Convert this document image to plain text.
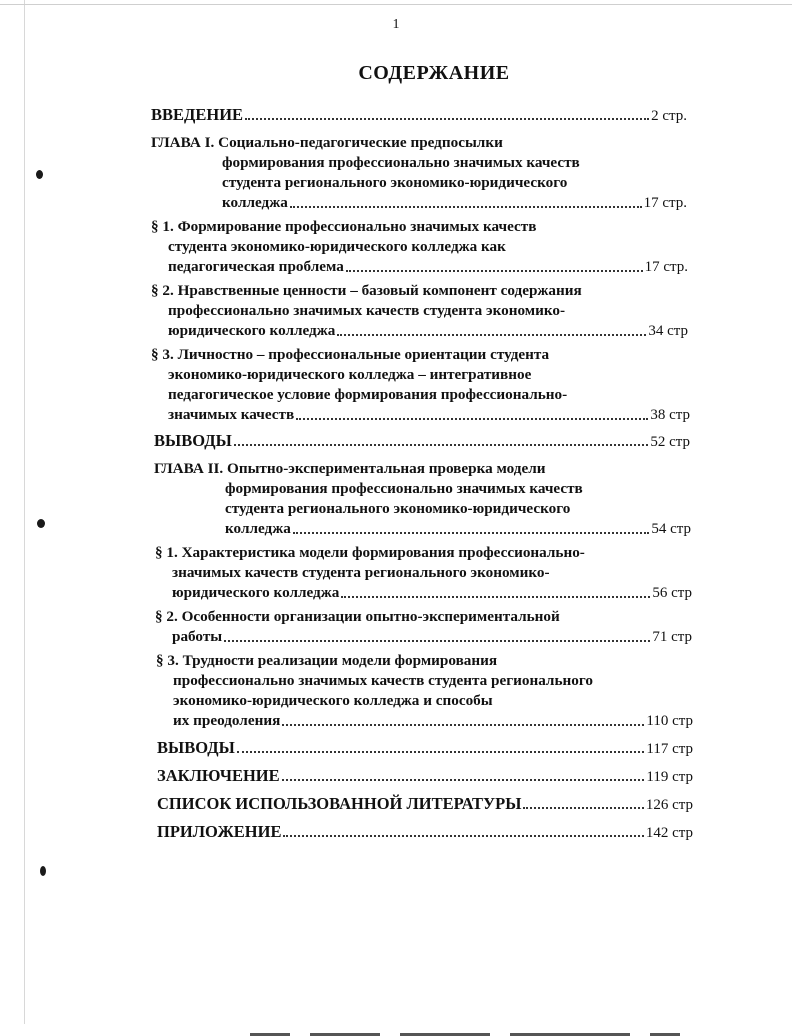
1
СОДЕРЖАНИЕ
ВВЕДЕНИЕ	2 стр.
ГЛАВА I. Социально-педагогические предпосылки
формирования профессионально значимых качеств
студента регионального экономико-юридического
колледжа	17 стр.
§ 1. Формирование профессионально значимых качеств
студента экономико-юридического колледжа как
педагогическая проблема	17 стр.
§ 2. Нравственные ценности – базовый компонент содержания
профессионально значимых качеств студента экономико-
юридического колледжа	34 стр
§ 3. Личностно – профессиональные ориентации студента
экономико-юридического колледжа – интегративное
педагогическое условие формирования профессионально-
значимых качеств	38 стр
ВЫВОДЫ	52 стр
ГЛАВА II. Опытно-экспериментальная проверка модели
формирования профессионально значимых качеств
студента регионального экономико-юридического
колледжа	54 стр
§ 1. Характеристика модели формирования профессионально-
значимых качеств студента регионального экономико-
юридического колледжа	56 стр
§ 2. Особенности организации опытно-экспериментальной
работы	71 стр
§ 3. Трудности реализации модели формирования
профессионально значимых качеств студента регионального
экономико-юридического колледжа и способы
их преодоления	110 стр
ВЫВОДЫ	117 стр
ЗАКЛЮЧЕНИЕ	119 стр
СПИСОК ИСПОЛЬЗОВАННОЙ ЛИТЕРАТУРЫ	126 стр
ПРИЛОЖЕНИЕ	142 стр
